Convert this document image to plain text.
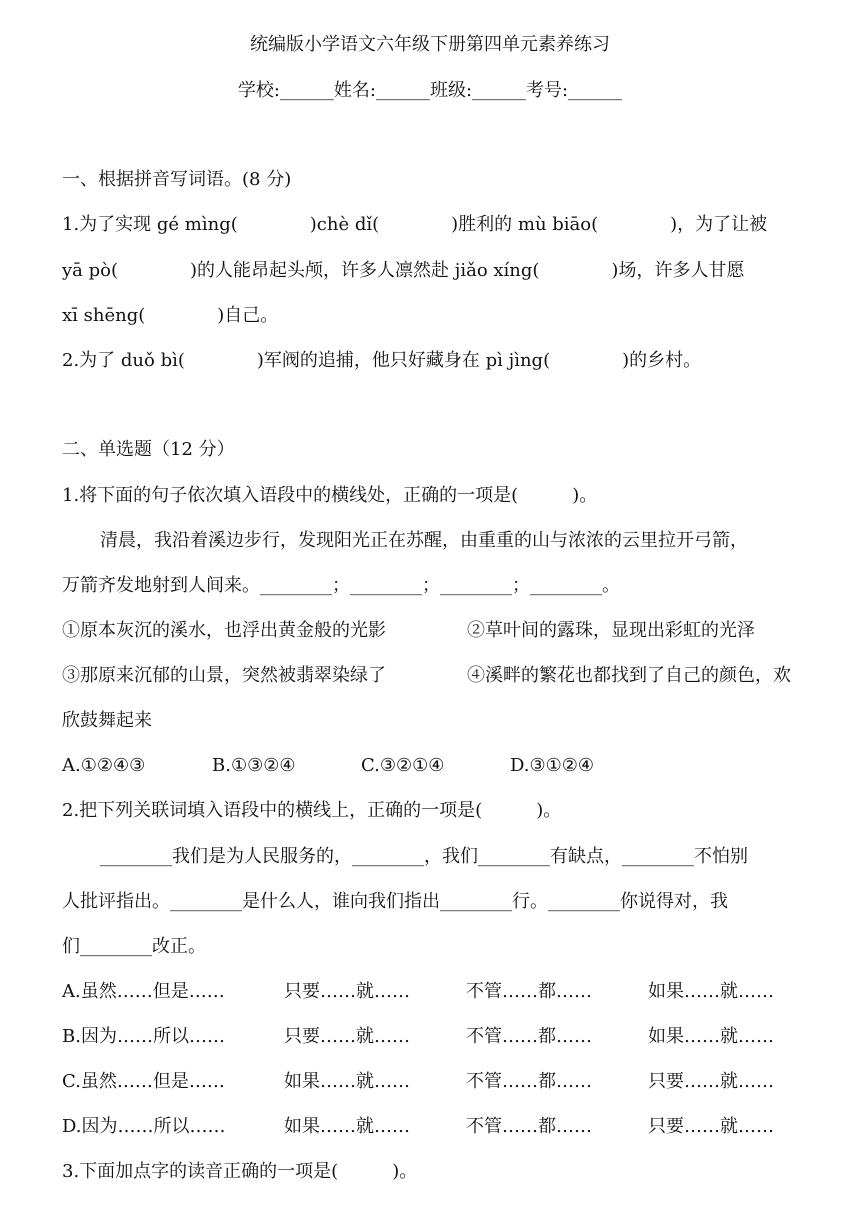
统编版小学语文六年级下册第四单元素养练习
学校:______姓名:______班级:______考号:______
一、根据拼音写词语。(8 分)
1.为了实现 gé mìng(　　　　)chè dǐ(　　　　)胜利的 mù biāo(　　　　)，为了让被
yā pò(　　　　)的人能昂起头颅，许多人凛然赴 jiǎo xíng(　　　　)场，许多人甘愿
xī shēng(　　　　)自己。
2.为了 duǒ bì(　　　　)军阀的追捕，他只好藏身在 pì jìng(　　　　)的乡村。
二、单选题（12 分）
1.将下面的句子依次填入语段中的横线处，正确的一项是(　　　)。
清晨，我沿着溪边步行，发现阳光正在苏醒，由重重的山与浓浓的云里拉开弓箭，
万箭齐发地射到人间来。________；________；________；________。
①原本灰沉的溪水，也浮出黄金般的光影	②草叶间的露珠，显现出彩虹的光泽
③那原来沉郁的山景，突然被翡翠染绿了	④溪畔的繁花也都找到了自己的颜色，欢
欣鼓舞起来
A.①②④③	B.①③②④	C.③②①④	D.③①②④
2.把下列关联词填入语段中的横线上，正确的一项是(　　　)。
________我们是为人民服务的，________，我们________有缺点，________不怕别
人批评指出。________是什么人，谁向我们指出________行。________你说得对，我
们________改正。
A.虽然……但是……	只要……就……	不管……都……	如果……就……
B.因为……所以……	只要……就……	不管……都……	如果……就……
C.虽然……但是……	如果……就……	不管……都……	只要……就……
D.因为……所以……	如果……就……	不管……都……	只要……就……
3.下面加点字的读音正确的一项是(　　　)。
